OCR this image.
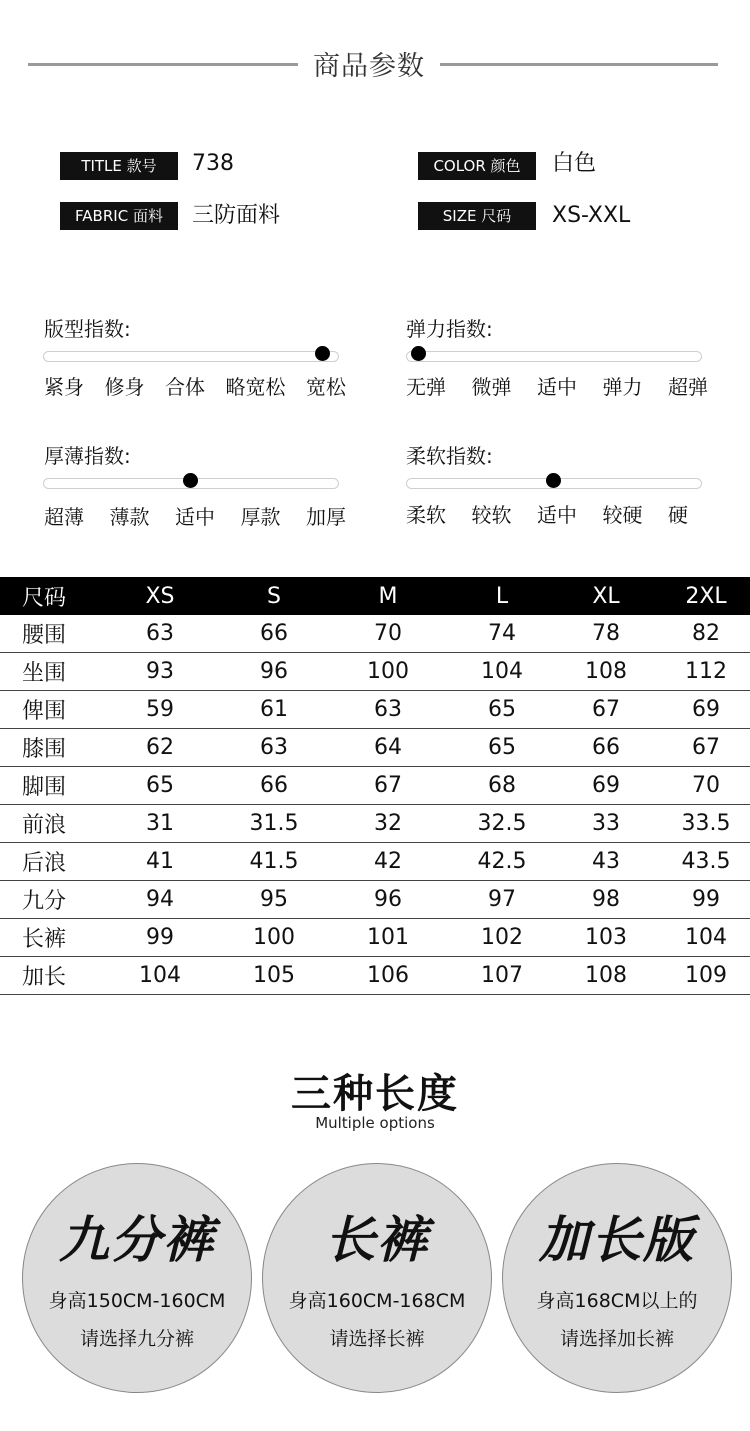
商品参数
TITLE 款号	738	COLOR 颜色	白色
FABRIC 面料	三防面料	SIZE 尺码	XS-XXL
版型指数:
紧身 修身 合体 略宽松 宽松
弹力指数:
无弹 微弹 适中 弹力 超弹
厚薄指数:
超薄 薄款 适中 厚款 加厚
柔软指数:
柔软 较软 适中 较硬 硬
尺码	XS	S	M	L	XL	2XL
腰围	63	66	70	74	78	82
坐围	93	96	100	104	108	112
俾围	59	61	63	65	67	69
膝围	62	63	64	65	66	67
脚围	65	66	67	68	69	70
前浪	31	31.5	32	32.5	33	33.5
后浪	41	41.5	42	42.5	43	43.5
九分	94	95	96	97	98	99
长裤	99	100	101	102	103	104
加长	104	105	106	107	108	109
三种长度
Multiple options
九分裤
身高150CM-160CM
请选择九分裤
长裤
身高160CM-168CM
请选择长裤
加长版
身高168CM以上的
请选择加长裤
